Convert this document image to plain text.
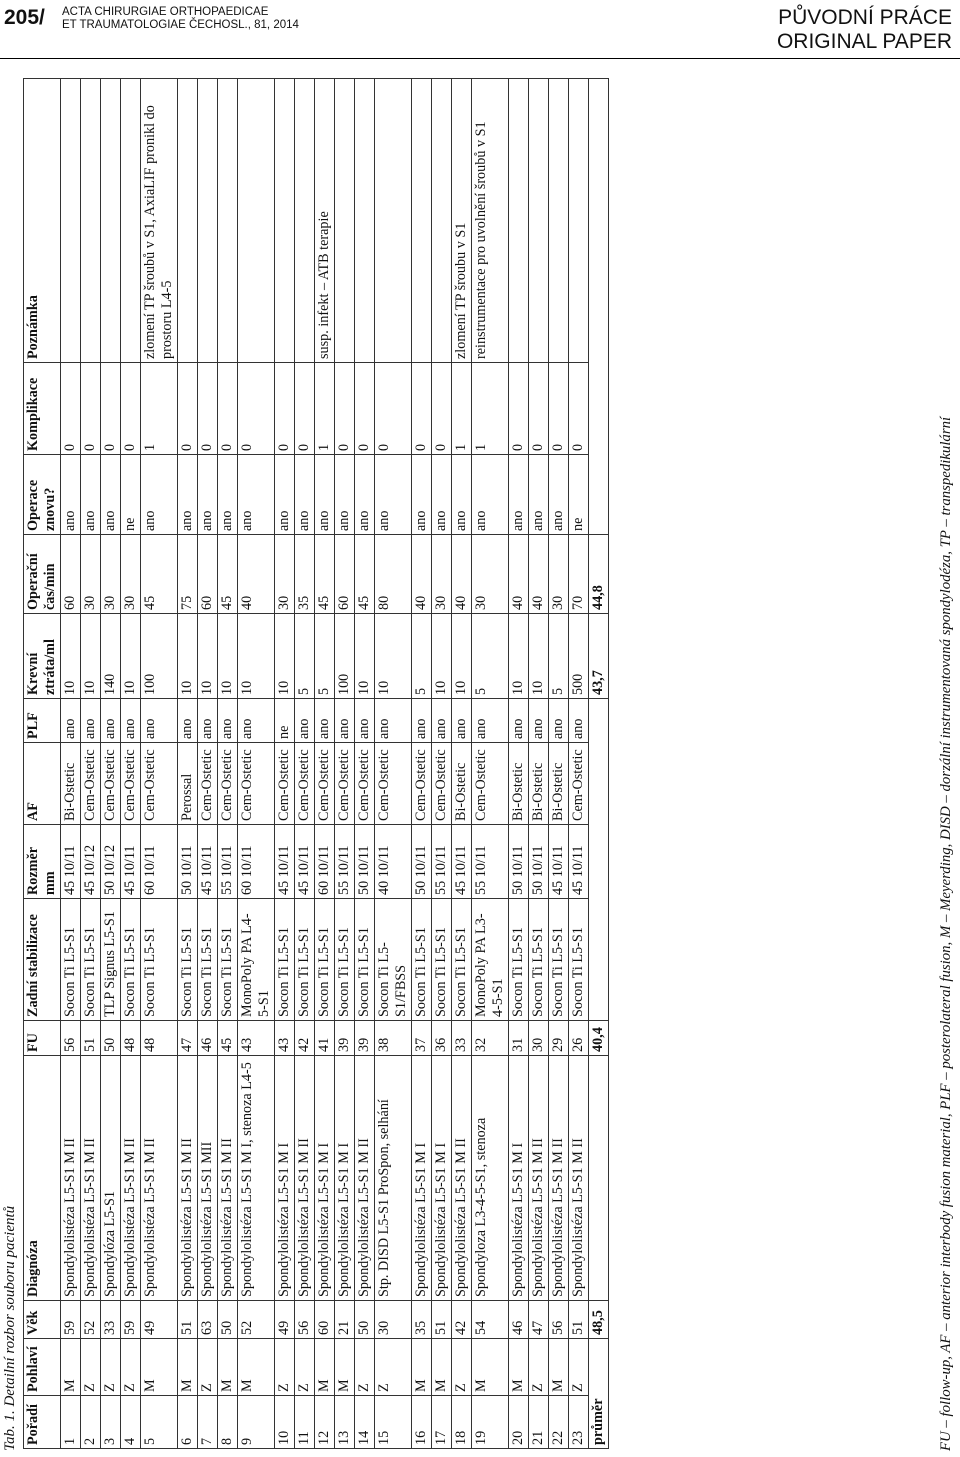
205/ ACTA CHIRURGIAE ORTHOPAEDICAE
ET TRAUMATOLOGIAE ČECHOSL., 81, 2014	PŮVODNÍ PRÁCE
ORIGINAL PAPER
Tab. 1. Detailní rozbor souboru pacientů Pořadí	Pohlaví	Věk	Diagnóza	FU	Zadní stabilizace	Rozměr mm	AF	PLF	Krevní ztráta/ml	Operační čas/min	Operace znovu?	Komplikace	Poznámka
1	M	59	Spondylolistéza L5-S1 M II	56	Socon Ti L5-S1	45 10/11	Bi-Ostetic	ano	10	60	ano	0	
2	Z	52	Spondylolistéza L5-S1 M II	51	Socon Ti L5-S1	45 10/12	Cem-Ostetic	ano	10	30	ano	0	
3	Z	33	Spondylóza L5-S1	50	TLP Signus L5-S1	50 10/12	Cem-Ostetic	ano	140	30	ano	0	
4	Z	59	Spondylolistéza L5-S1 M II	48	Socon Ti L5-S1	45 10/11	Cem-Ostetic	ano	10	30	ne	0	
5	M	49	Spondylolistéza L5-S1 M II	48	Socon Ti L5-S1	60 10/11	Cem-Ostetic	ano	100	45	ano	1	zlomení TP šroubů v S1, AxiaLIF pronikl do prostoru L4-5
6	M	51	Spondylolistéza L5-S1 M II	47	Socon Ti L5-S1	50 10/11	Perossal	ano	10	75	ano	0	
7	Z	63	Spondylolistéza L5-S1 MII	46	Socon Ti L5-S1	45 10/11	Cem-Ostetic	ano	10	60	ano	0	
8	M	50	Spondylolistéza L5-S1 M II	45	Socon Ti L5-S1	55 10/11	Cem-Ostetic	ano	10	45	ano	0	
9	M	52	Spondylolistéza L5-S1 M I, stenoza L4-5	43	MonoPoly PA L4-5-S1	60 10/11	Cem-Ostetic	ano	10	40	ano	0	
10	Z	49	Spondylolistéza L5-S1 M I	43	Socon Ti L5-S1	45 10/11	Cem-Ostetic	ne	10	30	ano	0	
11	Z	56	Spondylolistéza L5-S1 M II	42	Socon Ti L5-S1	45 10/11	Cem-Ostetic	ano	5	35	ano	0	
12	M	60	Spondylolistéza L5-S1 M I	41	Socon Ti L5-S1	60 10/11	Cem-Ostetic	ano	5	45	ano	1	susp. infekt – ATB terapie
13	M	21	Spondylolistéza L5-S1 M I	39	Socon Ti L5-S1	55 10/11	Cem-Ostetic	ano	100	60	ano	0	
14	Z	50	Spondylolistéza L5-S1 M II	39	Socon Ti L5-S1	50 10/11	Cem-Ostetic	ano	10	45	ano	0	
15	Z	30	Stp. DISD L5-S1 ProSpon, selhání	38	Socon Ti L5-S1/FBSS	40 10/11	Cem-Ostetic	ano	10	80	ano	0	
16	M	35	Spondylolistéza L5-S1 M I	37	Socon Ti L5-S1	50 10/11	Cem-Ostetic	ano	5	40	ano	0	
17	M	51	Spondylolistéza L5-S1 M I	36	Socon Ti L5-S1	55 10/11	Cem-Ostetic	ano	10	30	ano	0	
18	Z	42	Spondylolistéza L5-S1 M II	33	Socon Ti L5-S1	45 10/11	Bi-Ostetic	ano	10	40	ano	1	zlomení TP šroubu v S1
19	M	54	Spondyloza L3-4-5-S1, stenoza	32	MonoPoly PA L3-4-5-S1	55 10/11	Cem-Ostetic	ano	5	30	ano	1	reinstrumentace pro uvolnění šroubů v S1
20	M	46	Spondylolistéza L5-S1 M I	31	Socon Ti L5-S1	50 10/11	Bi-Ostetic	ano	10	40	ano	0	
21	Z	47	Spondylolistéza L5-S1 M II	30	Socon Ti L5-S1	50 10/11	Bi-Ostetic	ano	10	40	ano	0	
22	M	56	Spondylolistéza L5-S1 M II	29	Socon Ti L5-S1	45 10/11	Bi-Ostetic	ano	5	30	ano	0	
23	Z	51	Spondylolistéza L5-S1 M II	26	Socon Ti L5-S1	45 10/11	Cem-Ostetic	ano	500	70	ne	0	
průměr		48,5		40,4					43,7	44,8				FU – follow-up, AF – anterior interbody fusion material, PLF – posterolateral fusion, M – Meyerding, DISD – dorzální instrumentovaná spondylodéza, TP – transpedikulární
